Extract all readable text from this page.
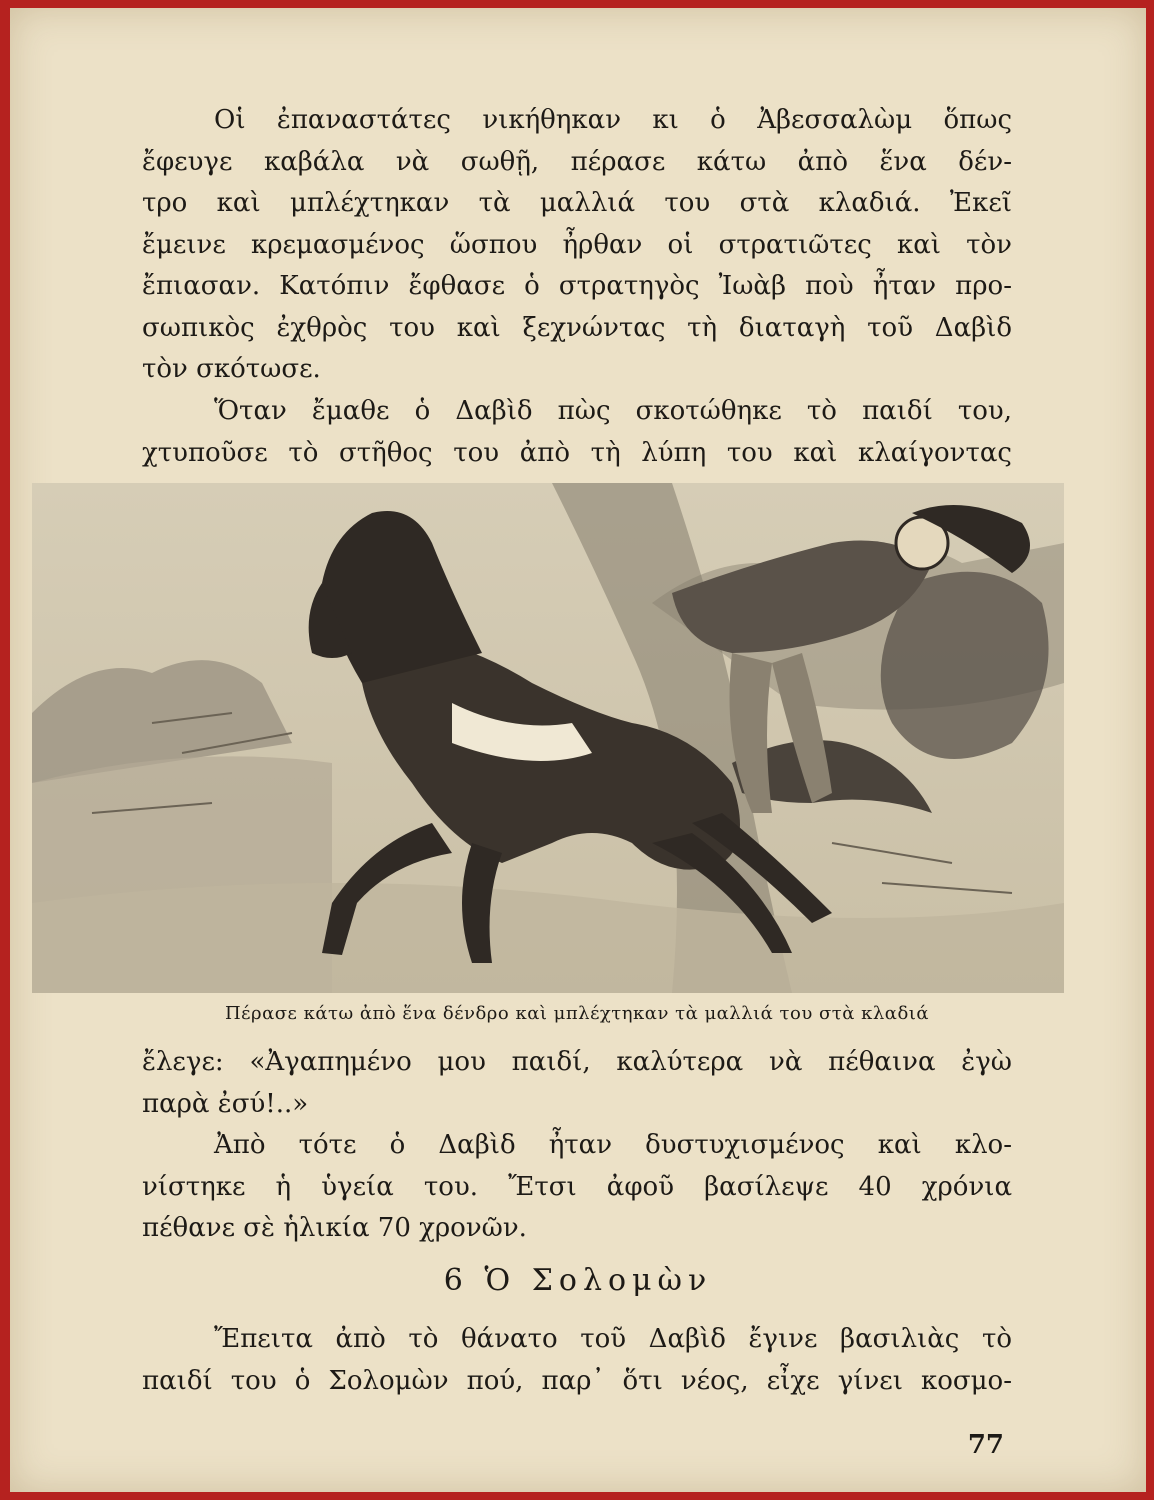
Οἱ ἐπαναστάτες νικήθηκαν κι ὁ Ἀβεσσαλὼμ ὅπως
ἔφευγε καβάλα νὰ σωθῇ, πέρασε κάτω ἀπὸ ἕνα δέν-
τρο καὶ μπλέχτηκαν τὰ μαλλιά του στὰ κλαδιά. Ἐκεῖ
ἔμεινε κρεμασμένος ὥσπου ἦρθαν οἱ στρατιῶτες καὶ τὸν
ἔπιασαν. Κατόπιν ἔφθασε ὁ στρατηγὸς Ἰωὰβ ποὺ ἦταν προ-
σωπικὸς ἐχθρὸς του καὶ ξεχνώντας τὴ διαταγὴ τοῦ Δαβὶδ
τὸν σκότωσε.
Ὅταν ἔμαθε ὁ Δαβὶδ πὼς σκοτώθηκε τὸ παιδί του,
χτυποῦσε τὸ στῆθος του ἀπὸ τὴ λύπη του καὶ κλαίγοντας
Πέρασε κάτω ἀπὸ ἕνα δένδρο καὶ μπλέχτηκαν τὰ μαλλιά του στὰ κλαδιά
ἔλεγε: «Ἀγαπημένο μου παιδί, καλύτερα νὰ πέθαινα ἐγὼ
παρὰ ἐσύ!..»
Ἀπὸ τότε ὁ Δαβὶδ ἦταν δυστυχισμένος καὶ κλο-
νίστηκε ἡ ὑγεία του. Ἔτσι ἀφοῦ βασίλεψε 40 χρόνια
πέθανε σὲ ἡλικία 70 χρονῶν.
6 Ὁ Σολομὼν
Ἔπειτα ἀπὸ τὸ θάνατο τοῦ Δαβὶδ ἔγινε βασιλιὰς τὸ
παιδί του ὁ Σολομὼν πού, παρ᾽ ὅτι νέος, εἶχε γίνει κοσμο-
77
